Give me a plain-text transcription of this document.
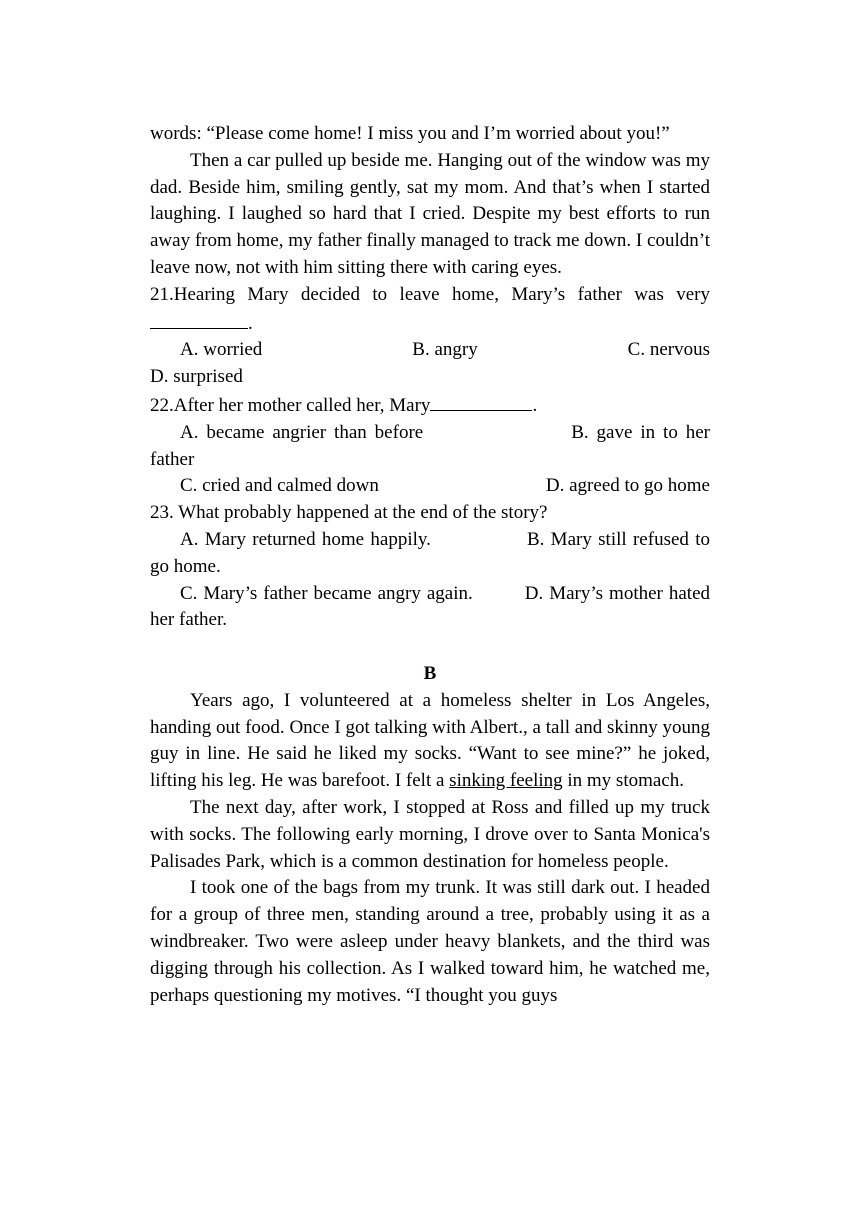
words: “Please come home! I miss you and I’m worried about you!”

Then a car pulled up beside me. Hanging out of the window was my dad. Beside him, smiling gently, sat my mom. And that’s when I started laughing. I laughed so hard that I cried. Despite my best efforts to run away from home, my father finally managed to track me down. I couldn’t leave now, not with him sitting there with caring eyes.

21.Hearing Mary decided to leave home, Mary’s father was very.

A. worried	B. angry	C. nervous

D. surprised

22.After her mother called her, Mary	.

A. became angrier than before	B. gave in to her father

C. cried and calmed down	D. agreed to go home

23. What probably happened at the end of the story?

A. Mary returned home happily.	B. Mary still refused to go home.

C. Mary’s father became angry again.	D. Mary’s mother hated her father.

B

Years ago, I volunteered at a homeless shelter in Los Angeles, handing out food. Once I got talking with Albert., a tall and skinny young guy in line. He said he liked my socks. “Want to see mine?” he joked, lifting his leg. He was barefoot. I felt a sinking feeling in my stomach.

The next day, after work, I stopped at Ross and filled up my truck with socks. The following early morning, I drove over to Santa Monica's Palisades Park, which is a common destination for homeless people.

I took one of the bags from my trunk. It was still dark out. I headed for a group of three men, standing around a tree, probably using it as a windbreaker. Two were asleep under heavy blankets, and the third was digging through his collection. As I walked toward him, he watched me, perhaps questioning my motives. “I thought you guys
